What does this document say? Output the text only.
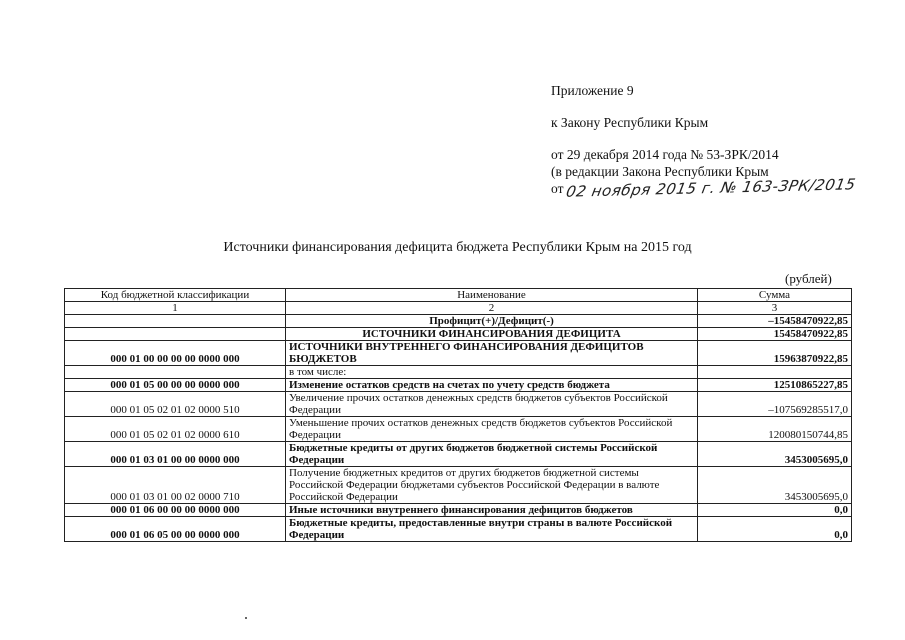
Приложение 9
к Закону Республики Крым
от 29 декабря 2014 года № 53-ЗРК/2014
(в редакции Закона Республики Крым
от 02 ноября 2015 г. № 163-ЗРК/2015
Источники финансирования дефицита бюджета Республики Крым на 2015 год
(рублей)
Код бюджетной классификации	Наименование	Сумма
1	2	3
	Профицит(+)/Дефицит(-)	–15458470922,85
	ИСТОЧНИКИ ФИНАНСИРОВАНИЯ ДЕФИЦИТА	15458470922,85
000 01 00 00 00 00 0000 000	ИСТОЧНИКИ ВНУТРЕННЕГО ФИНАНСИРОВАНИЯ ДЕФИЦИТОВ БЮДЖЕТОВ	15963870922,85
	в том числе:	
000 01 05 00 00 00 0000 000	Изменение остатков средств на счетах по учету средств бюджета	12510865227,85
000 01 05 02 01 02 0000 510	Увеличение прочих остатков денежных средств бюджетов субъектов Российской Федерации	–107569285517,0
000 01 05 02 01 02 0000 610	Уменьшение прочих остатков денежных средств бюджетов субъектов Российской Федерации	120080150744,85
000 01 03 01 00 00 0000 000	Бюджетные кредиты от других бюджетов бюджетной системы Российской Федерации	3453005695,0
000 01 03 01 00 02 0000 710	Получение бюджетных кредитов от других бюджетов бюджетной системы Российской Федерации бюджетами субъектов Российской Федерации в валюте Российской Федерации	3453005695,0
000 01 06 00 00 00 0000 000	Иные источники внутреннего финансирования дефицитов бюджетов	0,0
000 01 06 05 00 00 0000 000	Бюджетные кредиты, предоставленные внутри страны в валюте Российской Федерации	0,0
